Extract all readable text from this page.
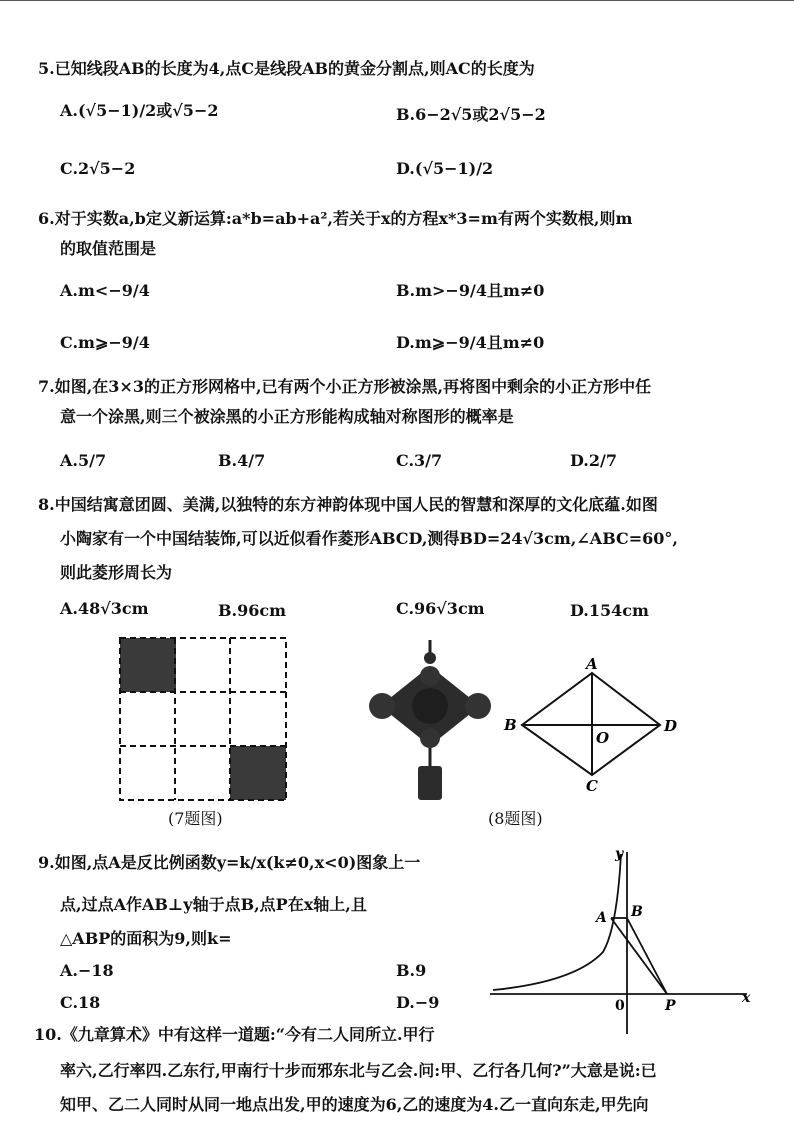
5.已知线段AB的长度为4,点C是线段AB的黄金分割点,则AC的长度为
A.(√5−1)/2或√5−2	B.6−2√5或2√5−2
C.2√5−2	D.(√5−1)/2
6.对于实数a,b定义新运算:a*b=ab+a²,若关于x的方程x*3=m有两个实数根,则m
的取值范围是
A.m<−9/4	B.m>−9/4且m≠0
C.m⩾−9/4	D.m⩾−9/4且m≠0
7.如图,在3×3的正方形网格中,已有两个小正方形被涂黑,再将图中剩余的小正方形中任
意一个涂黑,则三个被涂黑的小正方形能构成轴对称图形的概率是
A.5/7	B.4/7	C.3/7	D.2/7
8.中国结寓意团圆、美满,以独特的东方神韵体现中国人民的智慧和深厚的文化底蕴.如图
小陶家有一个中国结装饰,可以近似看作菱形ABCD,测得BD=24√3cm,∠ABC=60°,
则此菱形周长为
A.48√3cm	B.96cm	C.96√3cm	D.154cm
(7题图)
A
B
C
D
O
(8题图)
9.如图,点A是反比例函数y=k/x(k≠0,x<0)图象上一
点,过点A作AB⊥y轴于点B,点P在x轴上,且
△ABP的面积为9,则k=
A.−18	B.9
C.18	D.−9
y
x
A B
0	P
10.《九章算术》中有这样一道题:“今有二人同所立.甲行
率六,乙行率四.乙东行,甲南行十步而邪东北与乙会.问:甲、乙行各几何?”大意是说:已
知甲、乙二人同时从同一地点出发,甲的速度为6,乙的速度为4.乙一直向东走,甲先向
